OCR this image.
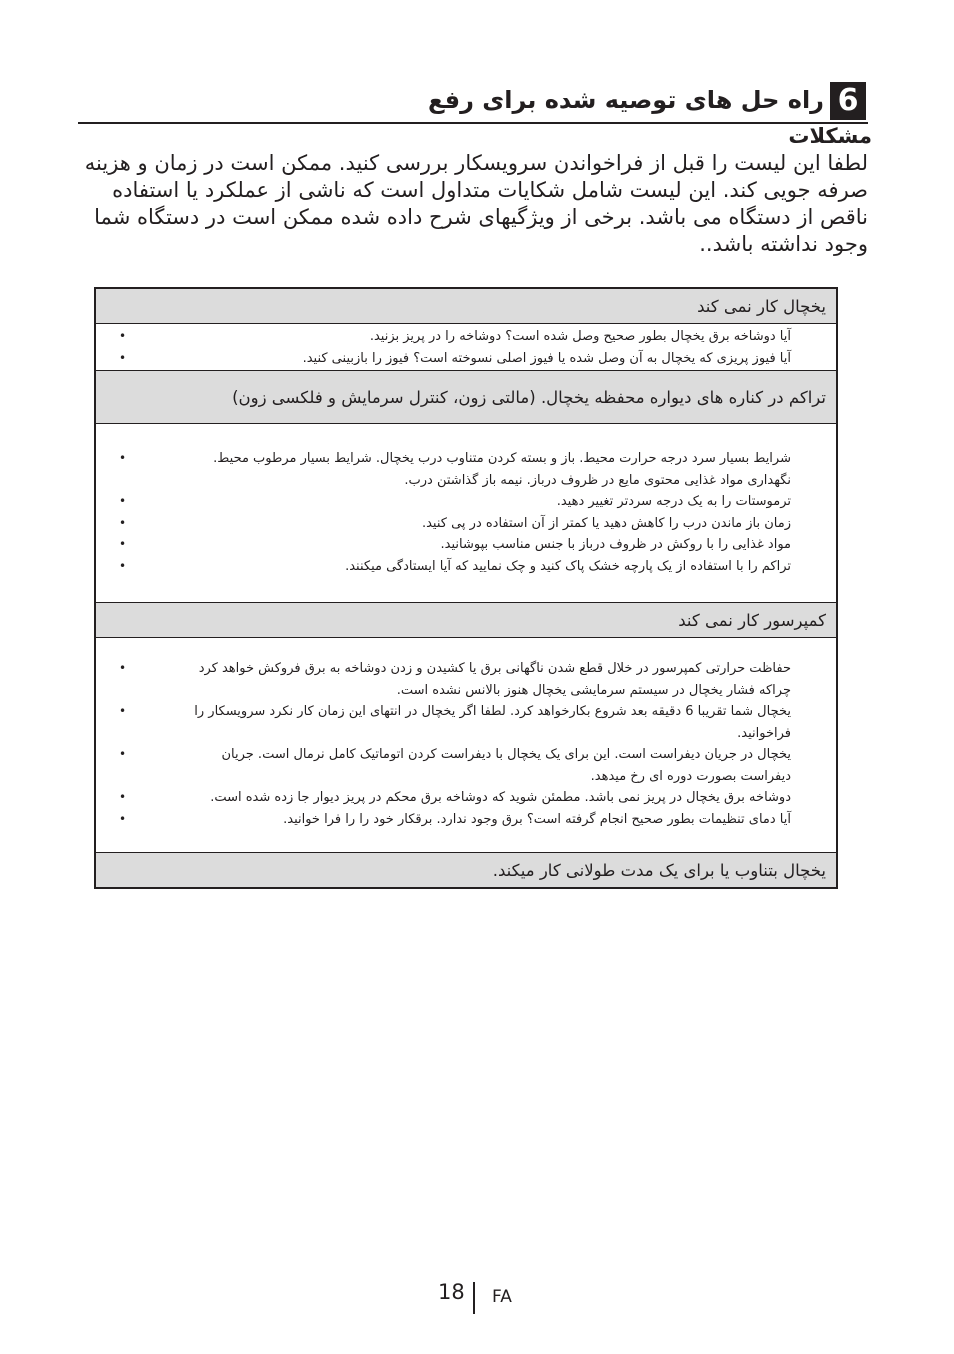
6
راه حل های توصیه شده برای رفع
مشکلات

لطفا این لیست را قبل از فراخواندن سرویسکار بررسی کنید. ممکن است در زمان و هزینه

صرفه جویی کند. این لیست شامل شکایات متداول است که ناشی از عملکرد یا استفاده

ناقص از دستگاه می باشد. برخی از ویژگیهای شرح داده شده ممکن است در دستگاه شما

وجود نداشته باشد..

یخچال کار نمی کند

• آیا دوشاخه برق یخچال بطور صحیح وصل شده است؟ دوشاخه را در پریز بزنید.
• آیا فیوز پریزی که یخچال به آن وصل شده یا فیوز اصلی نسوخته است؟ فیوز را بازبینی کنید.

تراکم در کناره های دیواره محفظه یخچال. (مالتی زون، کنترل سرمایش و فلکسی زون)

• شرایط بسیار سرد درجه حرارت محیط. باز و بسته کردن متناوب درب یخچال. شرایط بسیار مرطوب محیط.
نگهداری مواد غذایی محتوی مایع در ظروف درباز. نیمه باز گذاشتن درب.
• ترموستات را به یک درجه سردتر تغییر دهید.
• زمان باز ماندن درب را کاهش دهید یا کمتر از آن استفاده در پی کنید.
• مواد غذایی را با روکش در ظروف درباز با جنس مناسب بپوشانید.
• تراکم را با استفاده از یک پارچه خشک پاک کنید و چک نمایید که آیا ایستادگی میکنند.

کمپرسور کار نمی کند

• حفاظت حرارتی کمپرسور در خلال قطع شدن ناگهانی برق یا کشیدن و زدن دوشاخه به برق فروکش خواهد کرد
چراکه فشار یخچال در سیستم سرمایشی یخچال هنوز بالانس نشده است.
• یخچال شما تقریبا 6 دقیقه بعد شروع بکارخواهد کرد. لطفا اگر یخچال در انتهای این زمان کار نکرد سرویسکار را
فراخوانید.
• یخچال در جریان دیفراست است. این برای یک یخچال با دیفراست کردن اتوماتیک کامل نرمال است. جریان
دیفراست بصورت دوره ای رخ میدهد.
• دوشاخه برق یخچال در پریز نمی باشد. مطمئن شوید که دوشاخه برق محکم در پریز دیوار جا زده شده است.
• آیا دمای تنظیمات بطور صحیح انجام گرفته است؟ برق وجود ندارد. برقکار خود را را فرا خوانید.

یخچال بتناوب یا برای یک مدت طولانی کار میکند.
18 FA
